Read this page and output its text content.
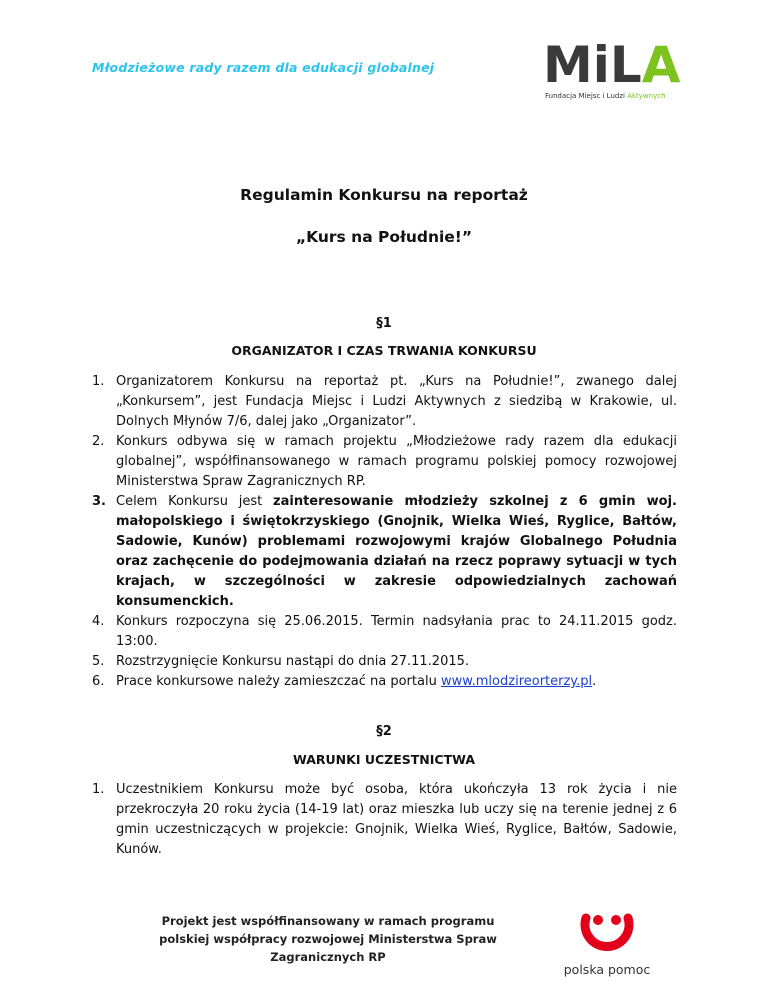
Młodzieżowe rady razem dla edukacji globalnej M i L A
Fundacja Miejsc i Ludzi Aktywnych
Regulamin Konkursu na reportaż
„Kurs na Południe!”
§1
ORGANIZATOR I CZAS TRWANIA KONKURSU
1. Organizatorem Konkursu na reportaż pt. „Kurs na Południe!”, zwanego dalej „Konkursem”, jest Fundacja Miejsc i Ludzi Aktywnych z siedzibą w Krakowie, ul. Dolnych Młynów 7/6, dalej jako „Organizator”.
2. Konkurs odbywa się w ramach projektu „Młodzieżowe rady razem dla edukacji globalnej”, współfinansowanego w ramach programu polskiej pomocy rozwojowej Ministerstwa Spraw Zagranicznych RP.
3. Celem Konkursu jest zainteresowanie młodzieży szkolnej z 6 gmin woj. małopolskiego i świętokrzyskiego (Gnojnik, Wielka Wieś, Ryglice, Bałtów, Sadowie, Kunów) problemami rozwojowymi krajów Globalnego Południa oraz zachęcenie do podejmowania działań na rzecz poprawy sytuacji w tych krajach, w szczególności w zakresie odpowiedzialnych zachowań konsumenckich.
4. Konkurs rozpoczyna się 25.06.2015. Termin nadsyłania prac to 24.11.2015 godz. 13:00.
5. Rozstrzygnięcie Konkursu nastąpi do dnia 27.11.2015.
6. Prace konkursowe należy zamieszczać na portalu www.mlodzireorterzy.pl.
§2
WARUNKI UCZESTNICTWA
1. Uczestnikiem Konkursu może być osoba, która ukończyła 13 rok życia i nie przekroczyła 20 roku życia (14-19 lat) oraz mieszka lub uczy się na terenie jednej z 6 gmin uczestniczących w projekcie: Gnojnik, Wielka Wieś, Ryglice, Bałtów, Sadowie, Kunów.
Projekt jest współfinansowany w ramach programu
polskiej współpracy rozwojowej Ministerstwa Spraw Zagranicznych RP
polska pomoc
